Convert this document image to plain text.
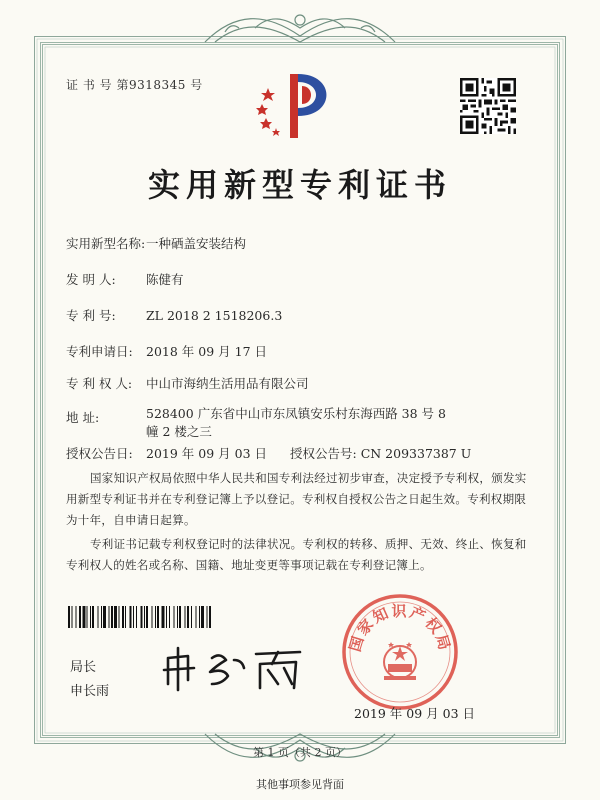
证 书 号 第9318345 号
实用新型专利证书
实用新型名称:一种硒盖安装结构
发 明 人: 陈健有
专 利 号: ZL 2018 2 1518206.3
专利申请日: 2018 年 09 月 17 日
专 利 权 人: 中山市海纳生活用品有限公司
地 址:	528400 广东省中山市东凤镇安乐村东海西路 38 号 8 幢 2 楼之三
授权公告日: 2019 年 09 月 03 日 授权公告号: CN 209337387 U
国家知识产权局依照中华人民共和国专利法经过初步审查，决定授予专利权，颁发实用新型专利证书并在专利登记簿上予以登记。专利权自授权公告之日起生效。专利权期限为十年，自申请日起算。
专利证书记载专利权登记时的法律状况。专利权的转移、质押、无效、终止、恢复和专利权人的姓名或名称、国籍、地址变更等事项记载在专利登记簿上。
局长
申长雨
国家知识产权局
2019 年 09 月 03 日
第 1 页（共 2 页）
其他事项参见背面
